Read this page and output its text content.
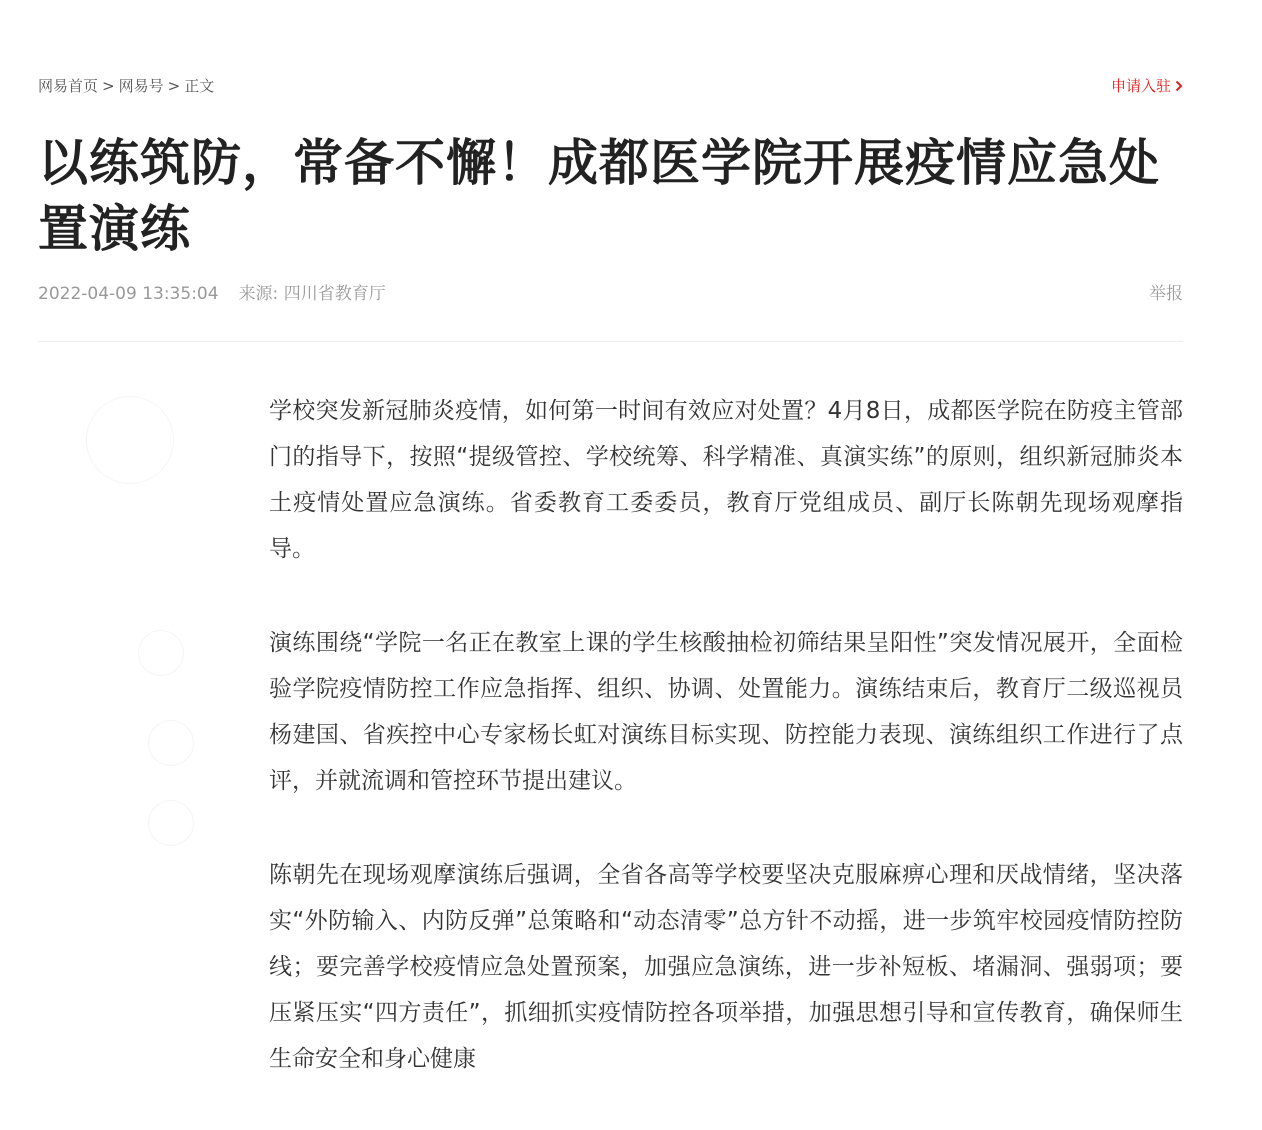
网易首页 > 网易号 > 正文	申请入驻
以练筑防，常备不懈！成都医学院开展疫情应急处置演练
2022-04-09 13:35:04 来源: 四川省教育厅	举报

学校突发新冠肺炎疫情，如何第一时间有效应对处置？4月8日，成都医学院在防疫主管部门的指导下，按照“提级管控、学校统筹、科学精准、真演实练”的原则，组织新冠肺炎本土疫情处置应急演练。省委教育工委委员，教育厅党组成员、副厅长陈朝先现场观摩指导。

演练围绕“学院一名正在教室上课的学生核酸抽检初筛结果呈阳性”突发情况展开，全面检验学院疫情防控工作应急指挥、组织、协调、处置能力。演练结束后，教育厅二级巡视员杨建国、省疾控中心专家杨长虹对演练目标实现、防控能力表现、演练组织工作进行了点评，并就流调和管控环节提出建议。

陈朝先在现场观摩演练后强调，全省各高等学校要坚决克服麻痹心理和厌战情绪，坚决落实“外防输入、内防反弹”总策略和“动态清零”总方针不动摇，进一步筑牢校园疫情防控防线；要完善学校疫情应急处置预案，加强应急演练，进一步补短板、堵漏洞、强弱项；要压紧压实“四方责任”，抓细抓实疫情防控各项举措，加强思想引导和宣传教育，确保师生生命安全和身心健康
